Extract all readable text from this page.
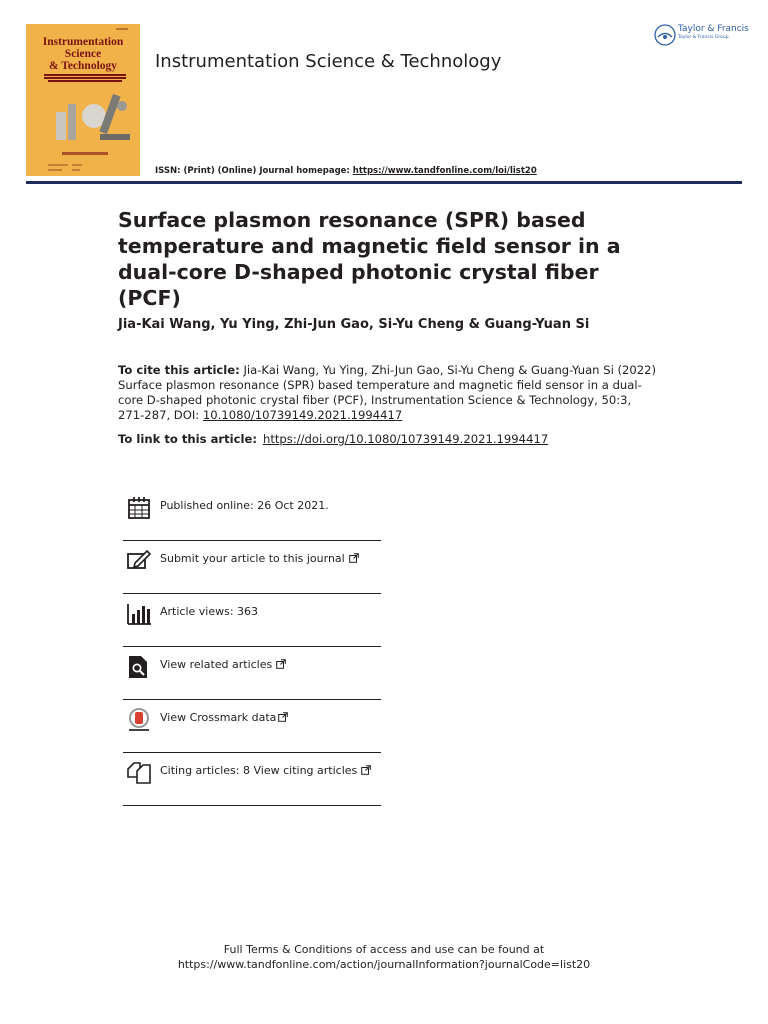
Instrumentation
Science
& Technology	Instrumentation Science & Technology
Taylor & Francis
Taylor & Francis Group
ISSN: (Print) (Online) Journal homepage: https://www.tandfonline.com/loi/list20
Surface plasmon resonance (SPR) based temperature and magnetic field sensor in a dual-core D-shaped photonic crystal fiber (PCF)
Jia-Kai Wang, Yu Ying, Zhi-Jun Gao, Si-Yu Cheng & Guang-Yuan Si
To cite this article: Jia-Kai Wang, Yu Ying, Zhi-Jun Gao, Si-Yu Cheng & Guang-Yuan Si (2022) Surface plasmon resonance (SPR) based temperature and magnetic field sensor in a dual-core D-shaped photonic crystal fiber (PCF), Instrumentation Science & Technology, 50:3, 271-287, DOI: 10.1080/10739149.2021.1994417
To link to this article: https://doi.org/10.1080/10739149.2021.1994417
Published online: 26 Oct 2021.
Submit your article to this journal
Article views: 363
View related articles
View Crossmark data
Citing articles: 8 View citing articles
Full Terms & Conditions of access and use can be found at
https://www.tandfonline.com/action/journalInformation?journalCode=list20
